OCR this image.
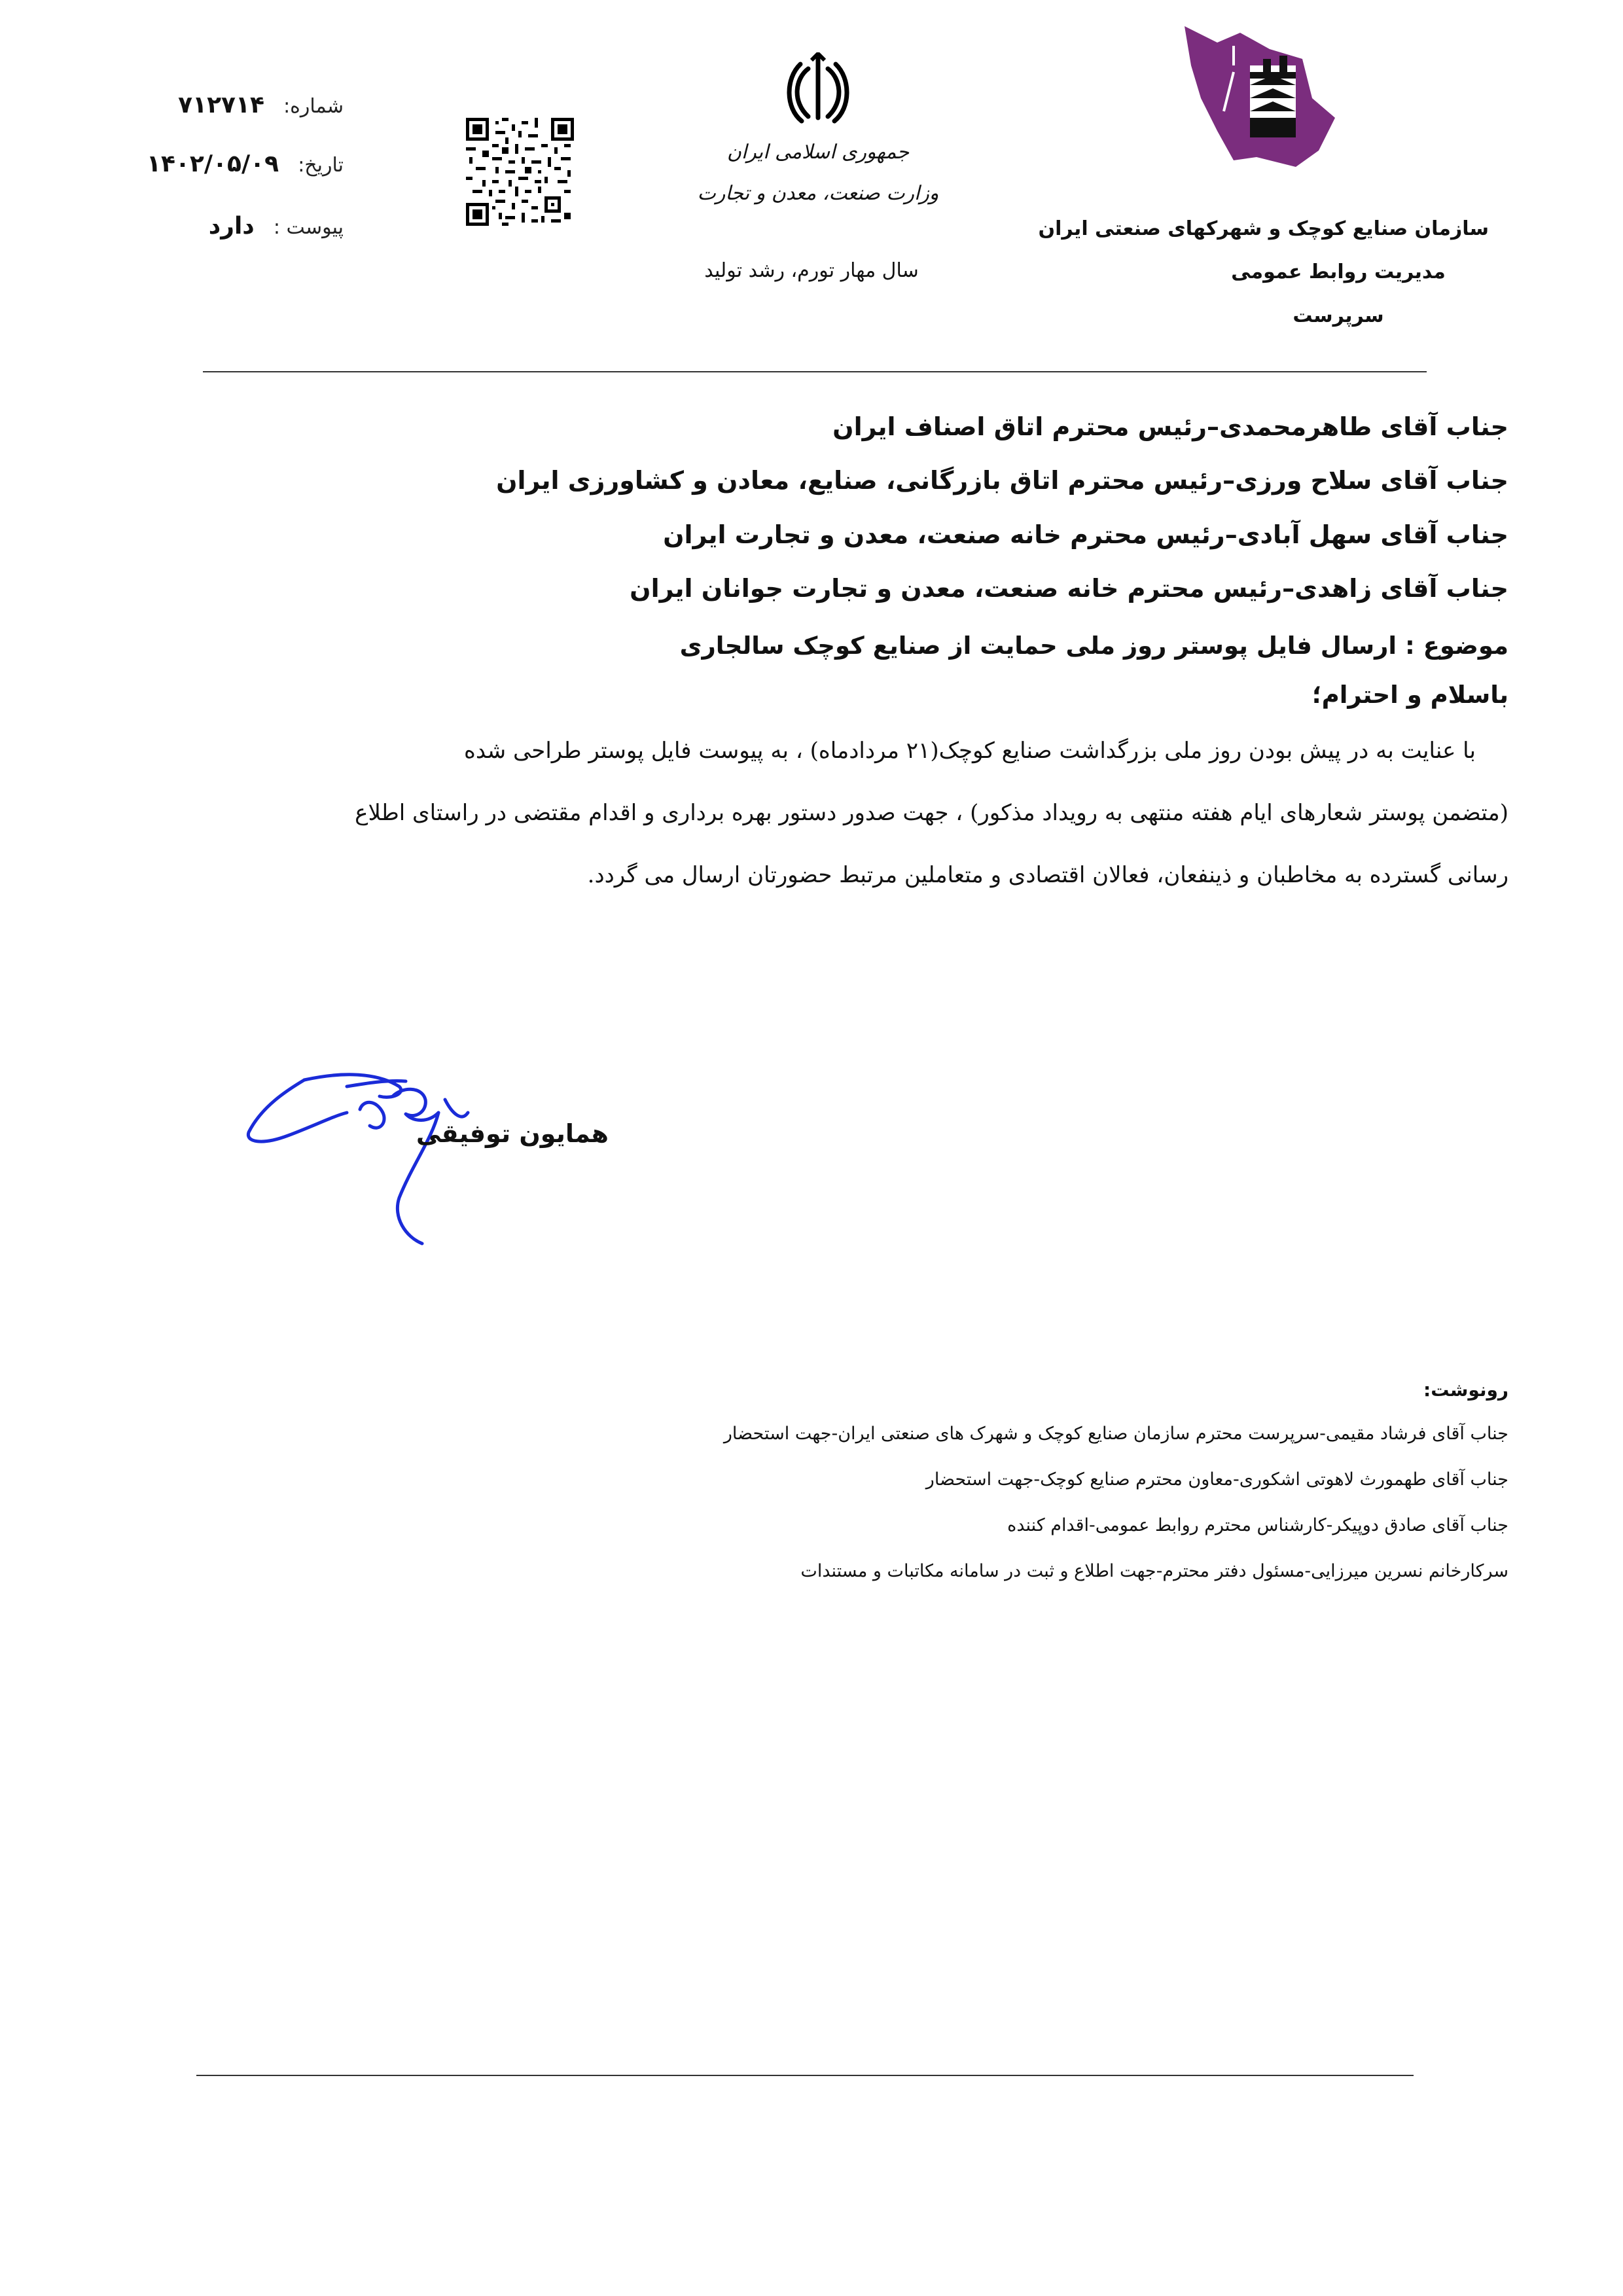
شماره: ۷۱۲۷۱۴
تاریخ: ۱۴۰۲/۰۵/۰۹
پیوست : دارد
جمهوری اسلامی ایران
وزارت صنعت، معدن و تجارت
سال مهار تورم، رشد تولید
سازمان صنایع کوچک و شهرکهای صنعتی ایران
مدیریت روابط عمومی
سرپرست
جناب آقای طاهرمحمدی–رئیس محترم اتاق اصناف ایران
جناب آقای سلاح ورزی–رئیس محترم اتاق بازرگانی، صنایع، معادن و کشاورزی ایران
جناب آقای سهل آبادی–رئیس محترم خانه صنعت، معدن و تجارت ایران
جناب آقای زاهدی–رئیس محترم خانه صنعت، معدن و تجارت جوانان ایران
موضوع : ارسال فایل پوستر روز ملی حمایت از صنایع کوچک سالجاری
باسلام و احترام؛
با عنایت به در پیش بودن روز ملی بزرگداشت صنایع کوچک(۲۱ مردادماه) ، به پیوست فایل پوستر طراحی شده
(متضمن پوستر شعارهای ایام هفته منتهی به رویداد مذکور) ، جهت صدور دستور بهره برداری و اقدام مقتضی در راستای اطلاع
رسانی گسترده به مخاطبان و ذینفعان، فعالان اقتصادی و متعاملین مرتبط حضورتان ارسال می گردد.
همایون توفیقی
رونوشت:
جناب آقای فرشاد مقیمی-سرپرست محترم سازمان صنایع کوچک و شهرک های صنعتی ایران-جهت استحضار
جناب آقای طهمورث لاهوتی اشکوری-معاون محترم صنایع کوچک-جهت استحضار
جناب آقای صادق دوپیکر-کارشناس محترم روابط عمومی-اقدام کننده
سرکارخانم نسرین میرزایی-مسئول دفتر محترم-جهت اطلاع و ثبت در سامانه مکاتبات و مستندات
